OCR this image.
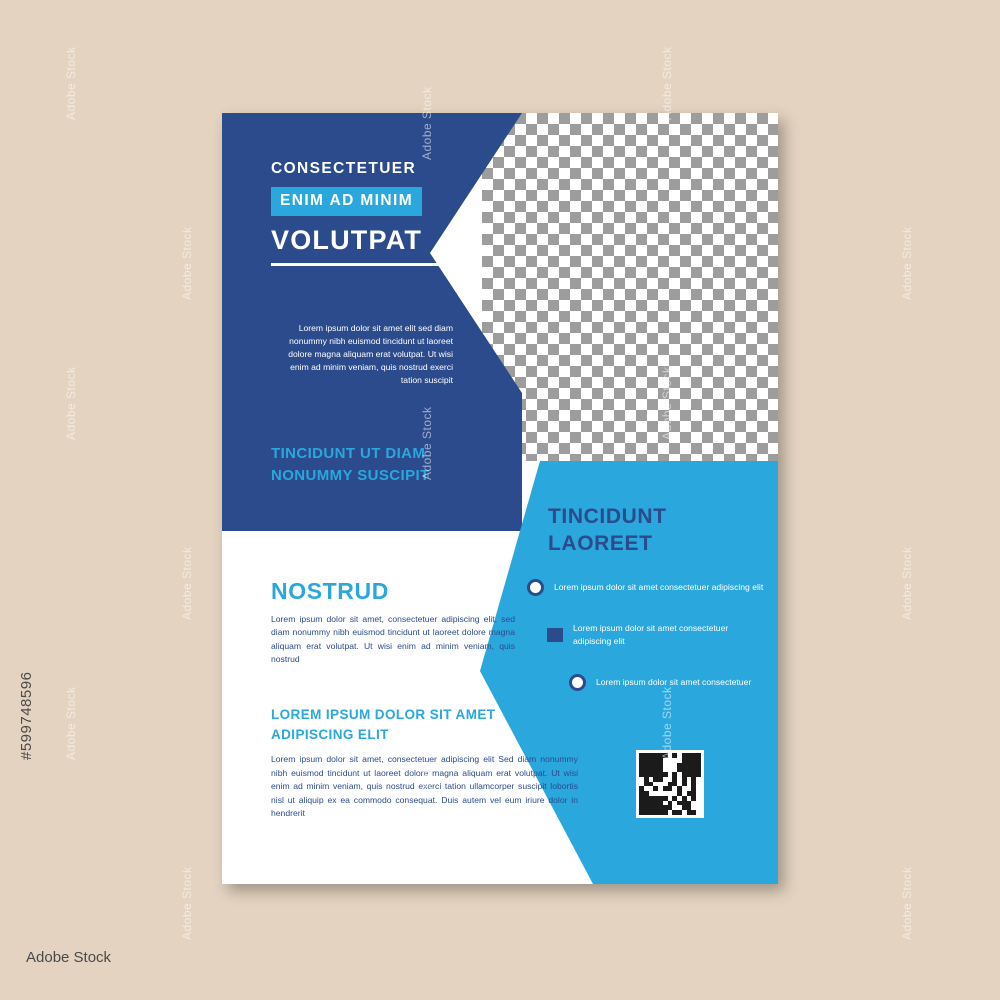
CONSECTETUER
ENIM AD MINIM
VOLUTPAT
Lorem ipsum dolor sit amet elit sed diam nonummy nibh euismod tincidunt ut laoreet dolore magna aliquam erat volutpat. Ut wisi enim ad minim veniam, quis nostrud exerci tation suscipit
TINCIDUNT UT DIAM NONUMMY SUSCIPIT
NOSTRUD
Lorem ipsum dolor sit amet, consectetuer adipiscing elit, sed diam nonummy nibh euismod tincidunt ut laoreet dolore magna aliquam erat volutpat. Ut wisi enim ad minim veniam, quis nostrud
LOREM IPSUM DOLOR SIT AMET ADIPISCING ELIT
Lorem ipsum dolor sit amet, consectetuer adipiscing elit Sed diam nonummy nibh euismod tincidunt ut laoreet dolore magna aliquam erat volutpat. Ut wisi enim ad minim veniam, quis nostrud exerci tation ullamcorper suscipit lobortis nisl ut aliquip ex ea commodo consequat. Duis autem vel eum iriure dolor in hendrerit
TINCIDUNT
LAOREET
Lorem ipsum dolor sit amet consectetuer adipiscing elit
Lorem ipsum dolor sit amet consectetuer adipiscing elit
Lorem ipsum dolor sit amet consectetuer
Adobe Stock
Adobe Stock
Adobe Stock
Adobe Stock
Adobe Stock
Adobe Stock
Adobe Stock
Adobe Stock
Adobe Stock
Adobe Stock
Adobe Stock
Adobe Stock
Adobe Stock
Adobe Stock
Adobe Stock
#599748596
Adobe Stock
